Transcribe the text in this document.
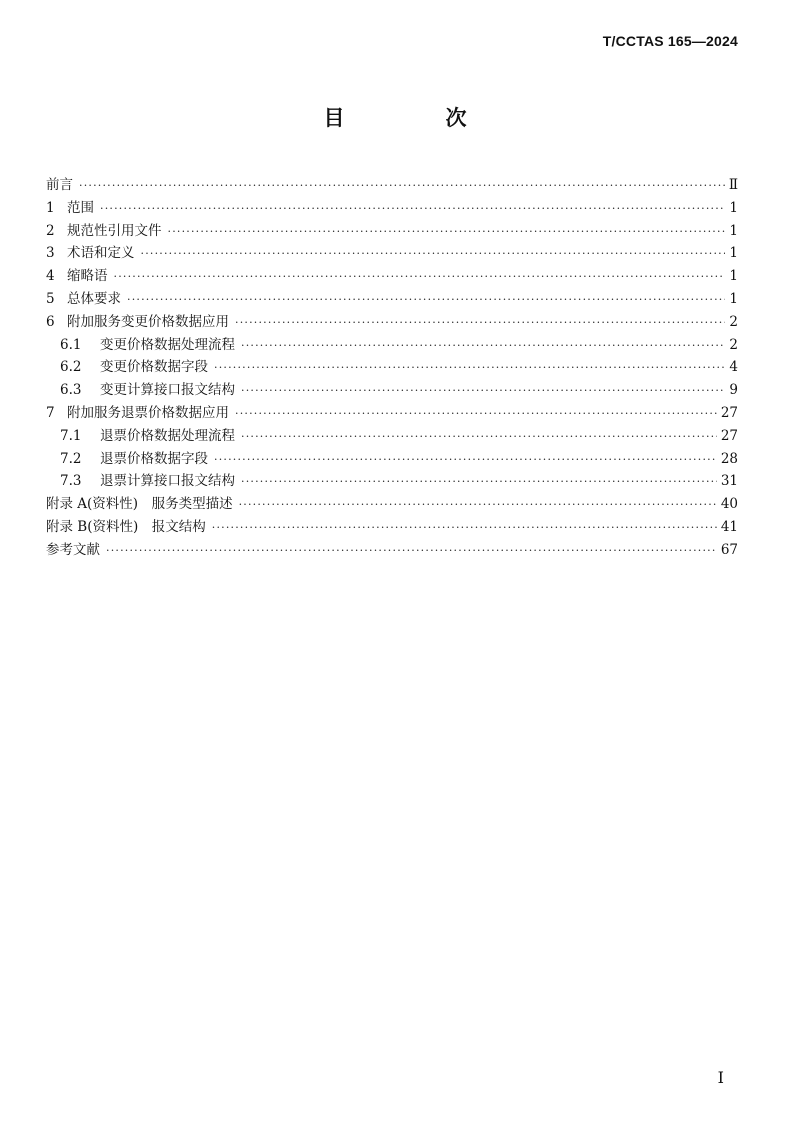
T/CCTAS 165—2024
目　次
前言 ·····	Ⅱ
1 范围 ·····	1
2 规范性引用文件 ·····	1
3 术语和定义 ·····	1
4 缩略语 ·····	1
5 总体要求 ·····	1
6 附加服务变更价格数据应用 ·····	2
6.1	变更价格数据处理流程 ·····	2
6.2	变更价格数据字段 ·····	4
6.3	变更计算接口报文结构 ·····	9
7 附加服务退票价格数据应用 ·····	27
7.1	退票价格数据处理流程 ·····	27
7.2	退票价格数据字段 ·····	28
7.3	退票计算接口报文结构 ·····	31
附录 A(资料性)　服务类型描述 ·····	40
附录 B(资料性)　报文结构 ·····	41
参考文献 ·····	67
Ⅰ
